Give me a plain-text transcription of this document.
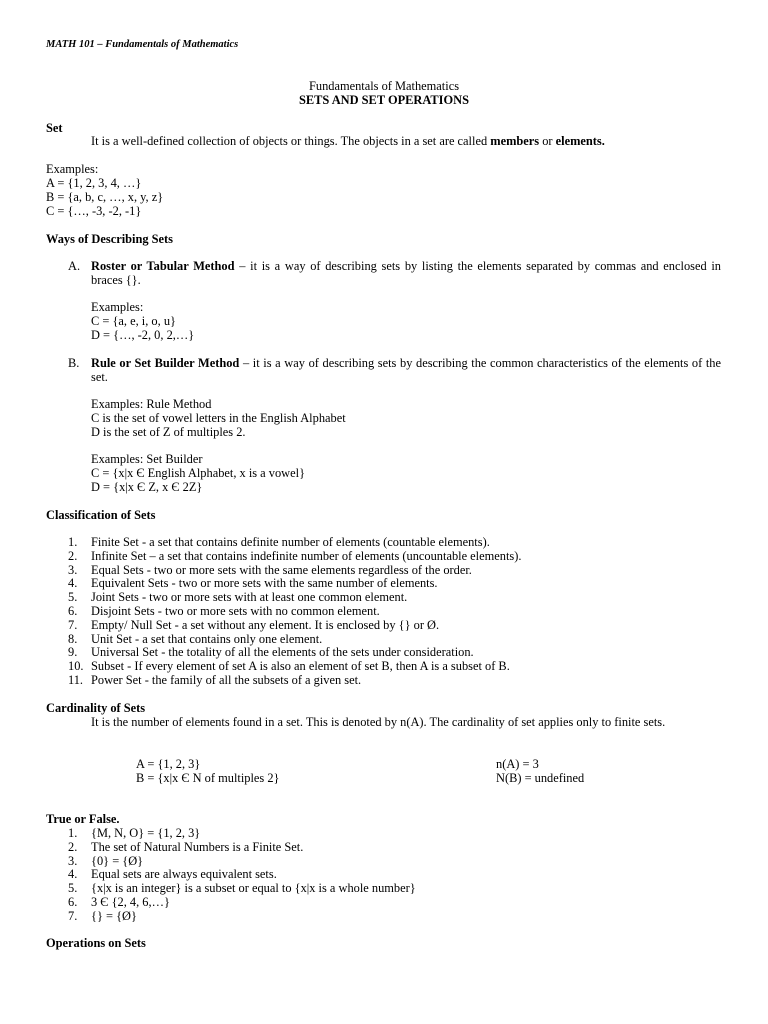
MATH 101 – Fundamentals of Mathematics
Fundamentals of Mathematics
SETS AND SET OPERATIONS
Set
It is a well-defined collection of objects or things. The objects in a set are called members or elements.
Examples:
A = {1, 2, 3, 4, …}
B = {a, b, c, …, x, y, z}
C = {…, -3, -2, -1}
Ways of Describing Sets
A. Roster or Tabular Method – it is a way of describing sets by listing the elements separated by commas and enclosed in braces {}.
Examples:
C = {a, e, i, o, u}
D = {…, -2, 0, 2,…}
B. Rule or Set Builder Method – it is a way of describing sets by describing the common characteristics of the elements of the set.
Examples: Rule Method
C is the set of vowel letters in the English Alphabet
D is the set of Z of multiples 2.
Examples: Set Builder
C = {x|x Є English Alphabet, x is a vowel}
D = {x|x Є Z, x Є 2Z}
Classification of Sets
1. Finite Set - a set that contains definite number of elements (countable elements).
2. Infinite Set – a set that contains indefinite number of elements (uncountable elements).
3. Equal Sets - two or more sets with the same elements regardless of the order.
4. Equivalent Sets - two or more sets with the same number of elements.
5. Joint Sets - two or more sets with at least one common element.
6. Disjoint Sets - two or more sets with no common element.
7. Empty/ Null Set - a set without any element. It is enclosed by {} or Ø.
8. Unit Set - a set that contains only one element.
9. Universal Set - the totality of all the elements of the sets under consideration.
10. Subset - If every element of set A is also an element of set B, then A is a subset of B.
11. Power Set - the family of all the subsets of a given set.
Cardinality of Sets
It is the number of elements found in a set. This is denoted by n(A). The cardinality of set applies only to finite sets.
A = {1, 2, 3}	n(A) = 3
B = {x|x Є N of multiples 2}	N(B) = undefined
True or False.
1. {M, N, O} = {1, 2, 3}
2. The set of Natural Numbers is a Finite Set.
3. {0} = {Ø}
4. Equal sets are always equivalent sets.
5. {x|x is an integer} is a subset or equal to {x|x is a whole number}
6. 3 Є {2, 4, 6,…}
7. {} = {Ø}
Operations on Sets
